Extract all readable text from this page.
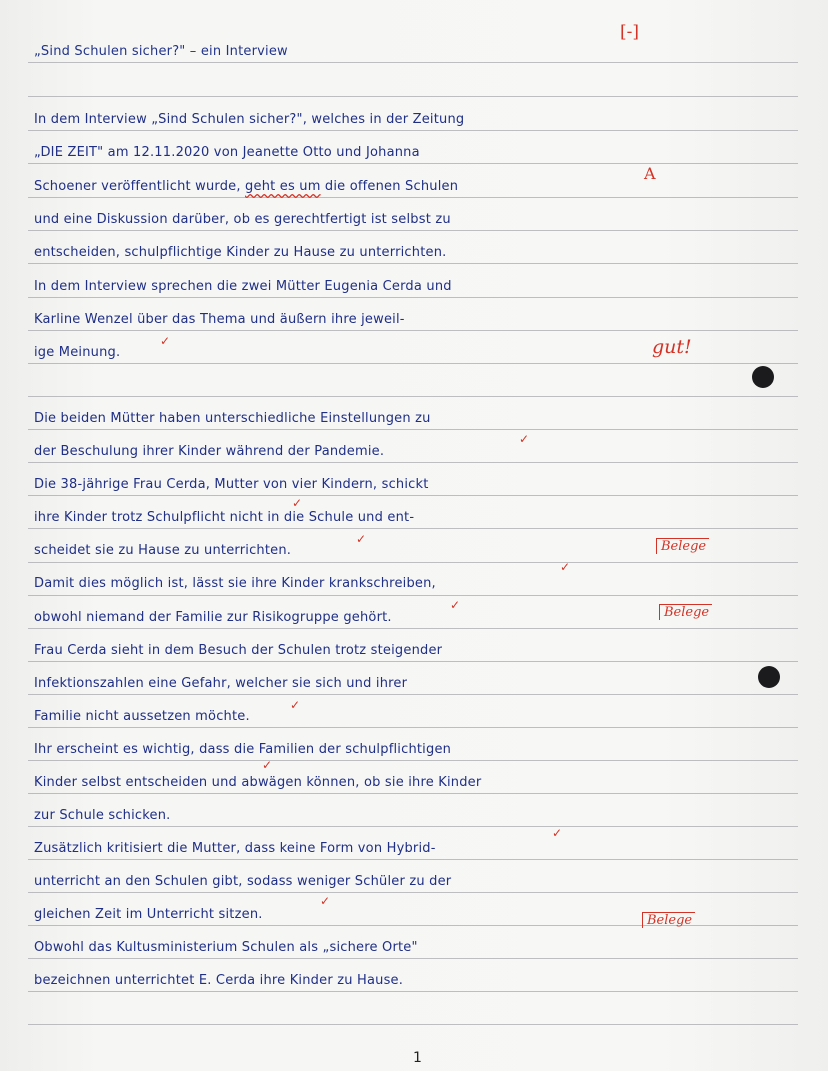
„Sind Schulen sicher?" – ein Interview
In dem Interview „Sind Schulen sicher?", welches in der Zeitung
„DIE ZEIT" am 12.11.2020 von Jeanette Otto und Johanna
Schoener veröffentlicht wurde, geht es um die offenen Schulen
und eine Diskussion darüber, ob es gerechtfertigt ist selbst zu
entscheiden, schulpflichtige Kinder zu Hause zu unterrichten.
In dem Interview sprechen die zwei Mütter Eugenia Cerda und
Karline Wenzel über das Thema und äußern ihre jeweil-
ige Meinung.
Die beiden Mütter haben unterschiedliche Einstellungen zu
der Beschulung ihrer Kinder während der Pandemie.
Die 38-jährige Frau Cerda, Mutter von vier Kindern, schickt
ihre Kinder trotz Schulpflicht nicht in die Schule und ent-
scheidet sie zu Hause zu unterrichten.
Damit dies möglich ist, lässt sie ihre Kinder krankschreiben,
obwohl niemand der Familie zur Risikogruppe gehört.
Frau Cerda sieht in dem Besuch der Schulen trotz steigender
Infektionszahlen eine Gefahr, welcher sie sich und ihrer
Familie nicht aussetzen möchte.
Ihr erscheint es wichtig, dass die Familien der schulpflichtigen
Kinder selbst entscheiden und abwägen können, ob sie ihre Kinder
zur Schule schicken.
Zusätzlich kritisiert die Mutter, dass keine Form von Hybrid-
unterricht an den Schulen gibt, sodass weniger Schüler zu der
gleichen Zeit im Unterricht sitzen.
Obwohl das Kultusministerium Schulen als „sichere Orte"
bezeichnen unterrichtet E. Cerda ihre Kinder zu Hause.
[-]
A
gut!
Belege
Belege
Belege
✓
✓
✓
✓
✓
✓
✓
✓
✓
✓
1
